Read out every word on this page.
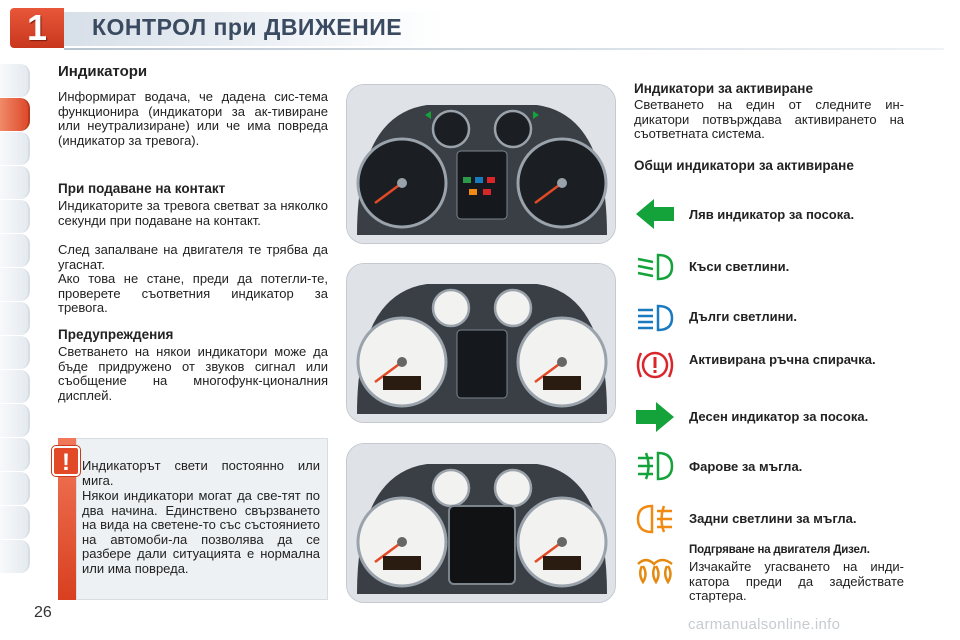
1	КОНТРОЛ при ДВИЖЕНИЕ
Индикатори
Информират водача, че дадена сис-тема функционира (индикатори за ак-тивиране или неутрализиране) или че има повреда (индикатор за тревога).
При подаване на контакт
Индикаторите за тревога светват за няколко секунди при подаване на контакт.
След запалване на двигателя те трябва да угаснат.
Ако това не стане, преди да потегли-те, проверете съответния индикатор за тревога.
Предупреждения
Светването на някои индикатори може да бъде придружено от звуков сигнал или съобщение на многофунк-ционалния дисплей.
! Индикаторът свети постоянно или мига.
Някои индикатори могат да све-тят по два начина. Единствено свързването на вида на светене-то със състоянието на автомоби-ла позволява да се разбере дали ситуацията е нормална или има повреда.
Индикатори за активиране
Светването на един от следните ин-дикатори потвърждава активирането на съответната система.
Общи индикатори за активиране
Ляв индикатор за посока.
Къси светлини.
Дълги светлини.
Активирана ръчна спирачка.
Десен индикатор за посока.
Фарове за мъгла.
Задни светлини за мъгла.
Подгряване на двигателя Дизел.
Изчакайте угасването на инди-катора преди да задействате стартера.
26
carmanualsonline.info
